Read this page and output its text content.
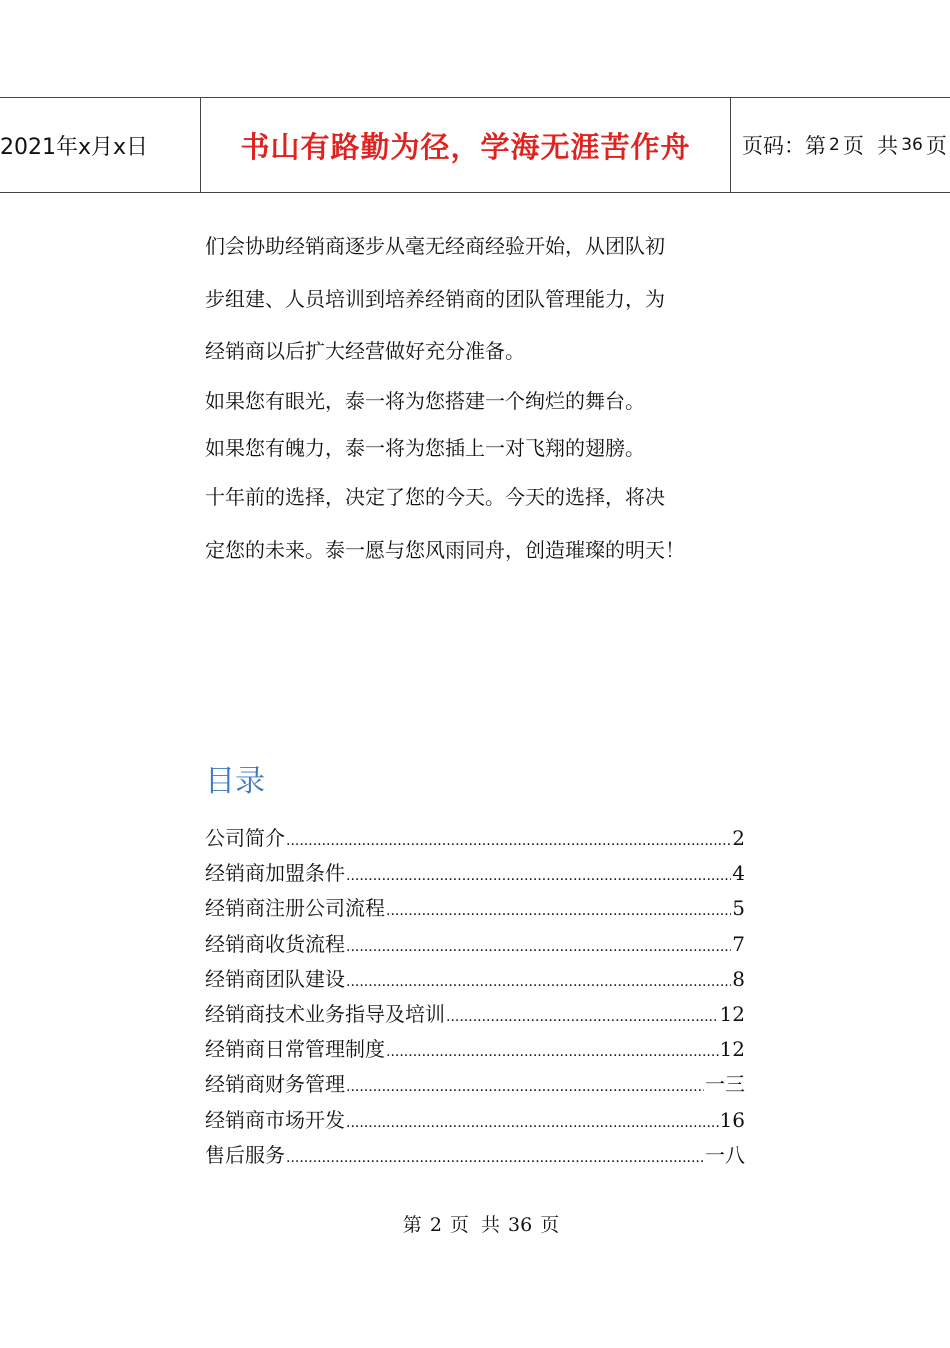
2021年x月x日	书山有路勤为径，学海无涯苦作舟	页码：第 2 页  共 36 页
们会协助经销商逐步从毫无经商经验开始，从团队初
步组建、人员培训到培养经销商的团队管理能力，为
经销商以后扩大经营做好充分准备。
如果您有眼光，泰一将为您搭建一个绚烂的舞台。
如果您有魄力，泰一将为您插上一对飞翔的翅膀。
十年前的选择，决定了您的今天。今天的选择，将决
定您的未来。泰一愿与您风雨同舟，创造璀璨的明天！
目录
公司简介 .....	2
经销商加盟条件 .....	4
经销商注册公司流程 .....	5
经销商收货流程 .....	7
经销商团队建设 .....	8
经销商技术业务指导及培训 .....	12
经销商日常管理制度 .....	12
经销商财务管理 .....	一三
经销商市场开发 .....	16
售后服务 .....	一八
第 2 页  共 36 页
